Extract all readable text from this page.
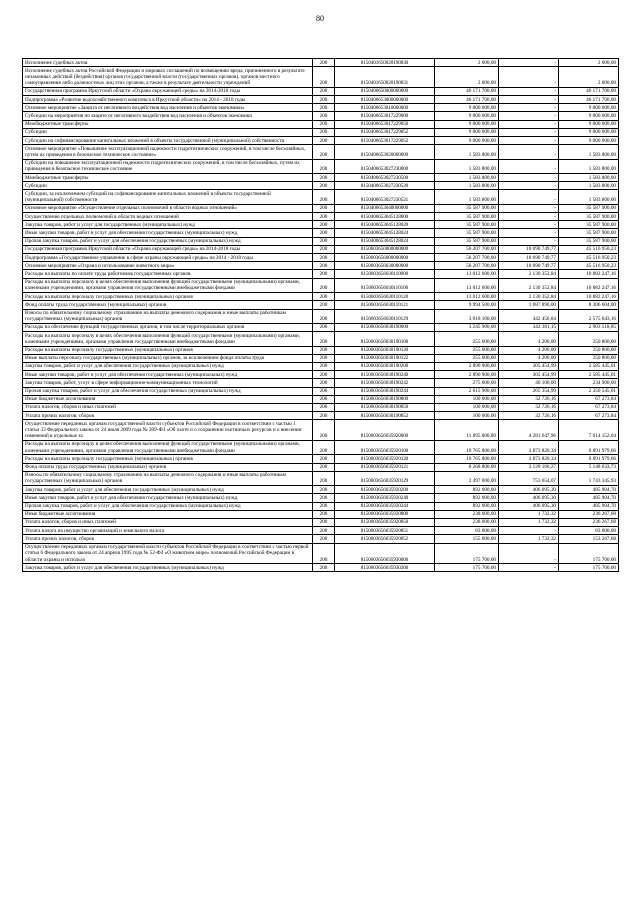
80
Исполнение судебных актов	200	8150401650020190830	2 000,00	-	2 000,00
Исполнение судебных актов Российской Федерации и мировых соглашений по возмещению вреда, причиненного в результате незаконных действий (бездействия) органов государственной власти (государственных органов), органов местного самоуправления либо должностных лиц этих органов, а также в результате деятельности учреждений	200	8150401650020190831	2 000,00	-	2 000,00
Государственная программа Иркутской области «Охрана окружающей среды» на 2014-2018 годы	200	8150406650000000000	46 171 700,00	-	46 171 700,00
Подпрограмма «Развитие водохозяйственного комплекса в Иркутской области» на 2014 - 2018 годы	200	8150406653000000000	46 171 700,00	-	46 171 700,00
Основное мероприятие «Защита от негативного воздействия вод населения и объектов экономики»	200	8150406653010000000	9 000 000,00	-	9 000 000,00
Субсидии на мероприятия по защите от негативного воздействия вод населения и объектов экономики	200	8150406653017229000	9 000 000,00	-	9 000 000,00
Межбюджетные трансферты	200	8150406653017229050	9 000 000,00	-	9 000 000,00
Субсидии	200	8150406653017229052	9 000 000,00	-	9 000 000,00
Субсидии на софинансирование капитальных вложений в объекты государственной (муниципальной) собственности	200	8150406653017229052	9 000 000,00	-	9 000 000,00
Основное мероприятие «Повышение эксплуатационной надежности гидротехнических сооружений, в том числе бесхозяйных, путем их приведения в безопасное техническое состояние»	200	8150406653020000000	1 583 800,00	-	1 583 800,00
Субсидии на повышение эксплуатационной надежности гидротехнических сооружений, в том числе бесхозяйных, путем их приведения в безопасное техническое состояние	200	8150406653027230000	1 583 800,00	-	1 583 800,00
Межбюджетные трансферты	200	8150406653027230500	1 583 800,00	-	1 583 800,00
Субсидии	200	8150406653027230520	1 583 800,00	-	1 583 800,00
Субсидии, за исключением субсидий на софинансирование капитальных вложений в объекты государственной (муниципальной) собственности	200	8150406653027230521	1 583 800,00	-	1 583 800,00
Основное мероприятие «Осуществление отдельных полномочий в области водных отношений»	200	8150406653040000000	35 587 900,00	-	35 587 900,00
Осуществление отдельных полномочий в области водных отношений	200	8150406653045128000	35 587 900,00	-	35 587 900,00
Закупка товаров, работ и услуг для государственных (муниципальных) нужд	200	8150406653045128020	35 587 900,00	-	35 587 900,00
Иные закупки товаров, работ и услуг для обеспечения государственных (муниципальных) нужд	200	8150406653045128024	35 587 900,00	-	35 587 900,00
Прочая закупка товаров, работ и услуг для обеспечения государственных (муниципальных) нужд	200	8150406653045128024	35 587 900,00	-	35 587 900,00
Государственная программа Иркутской области «Охрана окружающей среды» на 2014-2018 годы	200	8150603650000000000	56 207 700,00	10 690 749,77	45 516 950,23
Подпрограмма «Государственное управление в сфере охраны окружающей среды» на 2014 - 2018 годы	200	8150603656000000000	56 207 700,00	10 690 749,77	45 516 950,23
Основное мероприятие «Охрана и использование животного мира»	200	8150603656030000000	56 207 700,00	10 690 749,77	45 516 950,23
Расходы на выплаты по оплате труда работников государственных органов	200	8150603656030110000	13 012 600,00	2 130 352,84	10 882 247,16
Расходы на выплаты персоналу в целях обеспечения выполнения функций государственными (муниципальными) органами, казенными учреждениями, органами управления государственными внебюджетными фондами	200	8150603656030110100	13 012 600,00	2 130 352,84	10 882 247,16
Расходы на выплаты персоналу государственных (муниципальных) органов	200	8150603656030110120	13 012 600,00	2 130 352,84	10 882 247,16
Фонд оплаты труда государственных (муниципальных) органов	200	8150603656030110121	9 994 500,00	1 687 896,00	8 306 604,00
Взносы по обязательному социальному страхованию на выплаты денежного содержания и иные выплаты работникам государственных (муниципальных) органов	200	8150603656030110129	3 018 100,00	442 456,84	2 575 643,16
Расходы на обеспечение функций государственных органов, в том числе территориальных органов	200	8150603656030190000	3 245 900,00	342 381,15	2 903 518,85
Расходы на выплаты персоналу в целях обеспечения выполнения функций государственными (муниципальными) органами, казенными учреждениями, органами управления государственными внебюджетными фондами	200	8150603656030190100	255 000,00	4 200,00	250 800,00
Расходы на выплаты персоналу государственных (муниципальных) органов	200	8150603656030190120	255 000,00	4 200,00	250 800,00
Иные выплаты персоналу государственных (муниципальных) органов, за исключением фонда оплаты труда	200	8150603656030190122	255 000,00	4 200,00	250 800,00
Закупка товаров, работ и услуг для обеспечения государственных (муниципальных) нужд	200	8150603656030190200	2 890 900,00	305 454,99	2 585 445,01
Иные закупки товаров, работ и услуг для обеспечения государственных (муниципальных) нужд	200	8150603656030190240	2 890 900,00	305 454,99	2 585 445,01
Закупка товаров, работ, услуг в сфере информационно-коммуникационных технологий	200	8150603656030190242	275 000,00	40 100,00	234 900,00
Прочая закупка товаров, работ и услуг для обеспечения государственных (муниципальных) нужд	200	8150603656030190244	2 615 900,00	265 354,99	2 350 545,01
Иные бюджетные ассигнования	200	8150603656030190800	100 000,00	32 726,16	67 273,84
Уплата налогов, сборов и иных платежей	200	8150603656030190850	100 000,00	32 726,16	67 273,84
Уплата прочих налогов, сборов	200	8150603656030190852	100 000,00	32 726,16	67 273,84
Осуществление переданных органам государственной власти субъектов Российской Федерации в соответствии с частью 1 статьи 33 Федерального закона от 24 июля 2009 года № 209-ФЗ «Об охоте и о сохранении охотничьих ресурсов и о внесении изменений в отдельные за	200	8150603656035920000	11 895 800,00	4 281 647,96	7 614 152,04
Расходы на выплаты персоналу в целях обеспечения выполнения функций государственными (муниципальными) органами, казенными учреждениями, органами управления государственными внебюджетными фондами	200	8150603656035920100	10 765 800,00	3 873 820,34	6 891 979,66
Расходы на выплаты персоналу государственных (муниципальных) органов	200	8150603656035920120	10 765 800,00	3 873 820,34	6 891 979,66
Фонд оплаты труда государственных (муниципальных) органов	200	8150603656035920121	8 268 800,00	3 120 166,27	5 148 633,73
Взносы по обязательному социальному страхованию на выплаты денежного содержания и иные выплаты работникам государственных (муниципальных) органов	200	8150603656035920129	2 497 000,00	753 654,07	1 743 345,93
Закупка товаров, работ и услуг для обеспечения государственных (муниципальных) нужд	200	8150603656035920200	892 000,00	406 095,30	485 904,70
Иные закупки товаров, работ и услуг для обеспечения государственных (муниципальных) нужд	200	8150603656035920240	892 000,00	406 095,30	485 904,70
Прочая закупка товаров, работ и услуг для обеспечения государственных (муниципальных) нужд	200	8150603656035920244	892 000,00	406 095,30	485 904,70
Иные бюджетные ассигнования	200	8150603656035920800	238 000,00	1 732,32	236 267,68
Уплата налогов, сборов и иных платежей	200	8150603656035920850	238 000,00	1 732,32	236 267,68
Уплата налога на имущество организаций и земельного налога	200	8150603656035920851	83 000,00	-	83 000,00
Уплата прочих налогов, сборов	200	8150603656035920852	155 000,00	1 732,32	153 267,68
Осуществление переданных органам государственной власти субъектов Российской Федерации в соответствии с частью первой статьи 6 Федерального закона от 24 апреля 1995 года № 52-ФЗ «О животном мире» полномочий Российской Федерации в области охраны и использо	200	8150603656035930000	175 700,00	-	175 700,00
Закупка товаров, работ и услуг для обеспечения государственных (муниципальных) нужд	200	8150603656035930200	175 700,00	-	175 700,00
